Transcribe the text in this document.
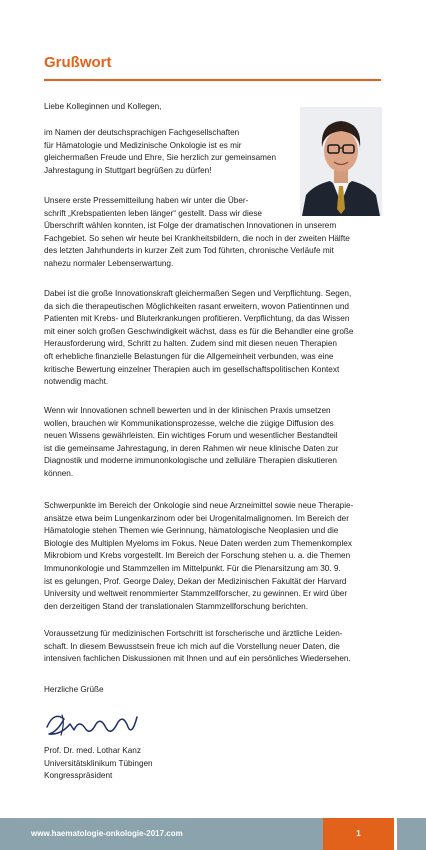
Grußwort

Liebe Kolleginnen und Kollegen,

im Namen der deutschsprachigen Fachgesellschaften
für Hämatologie und Medizinische Onkologie ist es mir
gleichermaßen Freude und Ehre, Sie herzlich zur gemeinsamen
Jahrestagung in Stuttgart begrüßen zu dürfen!

Unsere erste Pressemitteilung haben wir unter die Über-
schrift „Krebspatienten leben länger“ gestellt. Dass wir diese
Überschrift wählen konnten, ist Folge der dramatischen Innovationen in unserem
Fachgebiet. So sehen wir heute bei Krankheitsbildern, die noch in der zweiten Hälfte
des letzten Jahrhunderts in kurzer Zeit zum Tod führten, chronische Verläufe mit
nahezu normaler Lebenserwartung.

Dabei ist die große Innovationskraft gleichermaßen Segen und Verpflichtung. Segen,
da sich die therapeutischen Möglichkeiten rasant erweitern, wovon Patientinnen und
Patienten mit Krebs- und Bluterkrankungen profitieren. Verpflichtung, da das Wissen
mit einer solch großen Geschwindigkeit wächst, dass es für die Behandler eine große
Herausforderung wird, Schritt zu halten. Zudem sind mit diesen neuen Therapien
oft erhebliche finanzielle Belastungen für die Allgemeinheit verbunden, was eine
kritische Bewertung einzelner Therapien auch im gesellschaftspolitischen Kontext
notwendig macht.

Wenn wir Innovationen schnell bewerten und in der klinischen Praxis umsetzen
wollen, brauchen wir Kommunikationsprozesse, welche die zügige Diffusion des
neuen Wissens gewährleisten. Ein wichtiges Forum und wesentlicher Bestandteil
ist die gemeinsame Jahrestagung, in deren Rahmen wir neue klinische Daten zur
Diagnostik und moderne immunonkologische und zelluläre Therapien diskutieren
können.

Schwerpunkte im Bereich der Onkologie sind neue Arzneimittel sowie neue Therapie-
ansätze etwa beim Lungenkarzinom oder bei Urogenitalmalignomen. Im Bereich der
Hämatologie stehen Themen wie Gerinnung, hämatologische Neoplasien und die
Biologie des Multiplen Myeloms im Fokus. Neue Daten werden zum Themenkomplex
Mikrobiom und Krebs vorgestellt. Im Bereich der Forschung stehen u. a. die Themen
Immunonkologie und Stammzellen im Mittelpunkt. Für die Plenarsitzung am 30. 9.
ist es gelungen, Prof. George Daley, Dekan der Medizinischen Fakultät der Harvard
University und weltweit renommierter Stammzellforscher, zu gewinnen. Er wird über
den derzeitigen Stand der translationalen Stammzellforschung berichten.

Voraussetzung für medizinischen Fortschritt ist forscherische und ärztliche Leiden-
schaft. In diesem Bewusstsein freue ich mich auf die Vorstellung neuer Daten, die
intensiven fachlichen Diskussionen mit Ihnen und auf ein persönliches Wiedersehen.

Herzliche Grüße

Prof. Dr. med. Lothar Kanz
Universitätsklinikum Tübingen
Kongresspräsident

www.haematologie-onkologie-2017.com	1
